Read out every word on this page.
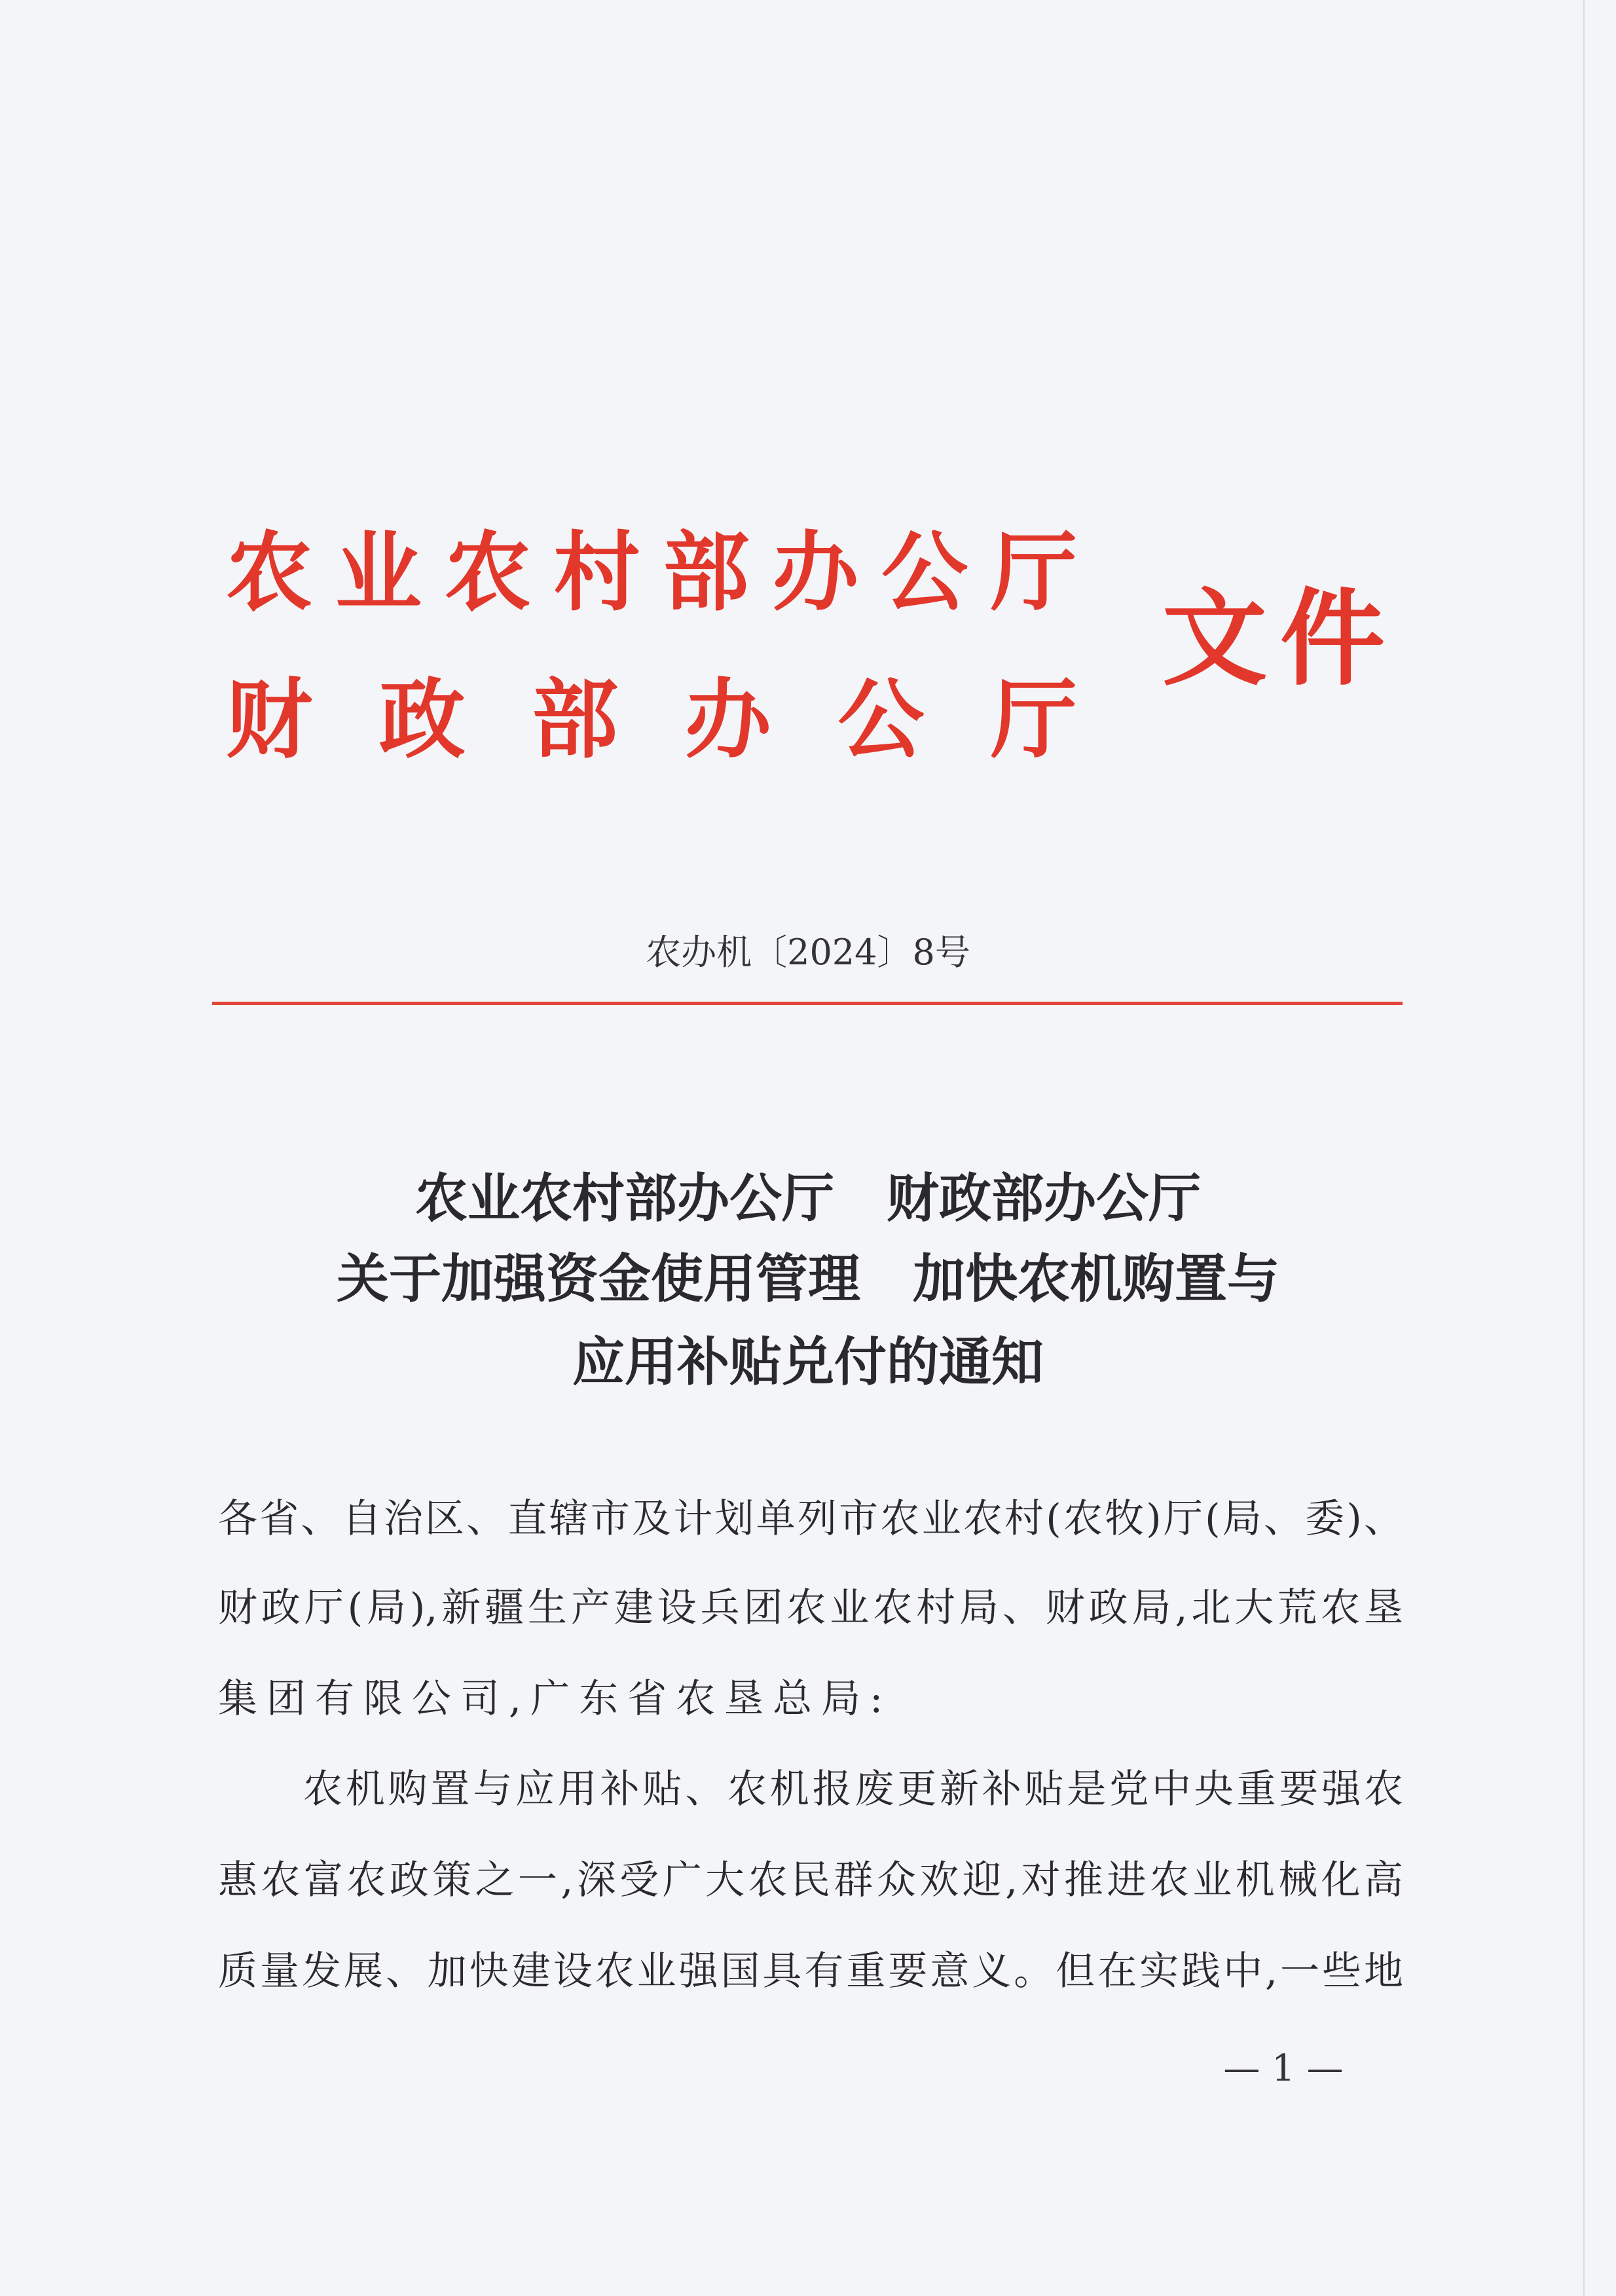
农业农村部办公厅
财政部办公厅
文件
农办机〔2024〕8号
农业农村部办公厅　财政部办公厅
关于加强资金使用管理　加快农机购置与
应用补贴兑付的通知
各省、自治区、直辖市及计划单列市农业农村(农牧)厅(局、委)、
财政厅(局),新疆生产建设兵团农业农村局、财政局,北大荒农垦
集团有限公司,广东省农垦总局:
农机购置与应用补贴、农机报废更新补贴是党中央重要强农
惠农富农政策之一,深受广大农民群众欢迎,对推进农业机械化高
质量发展、加快建设农业强国具有重要意义。但在实践中,一些地
— 1 —
